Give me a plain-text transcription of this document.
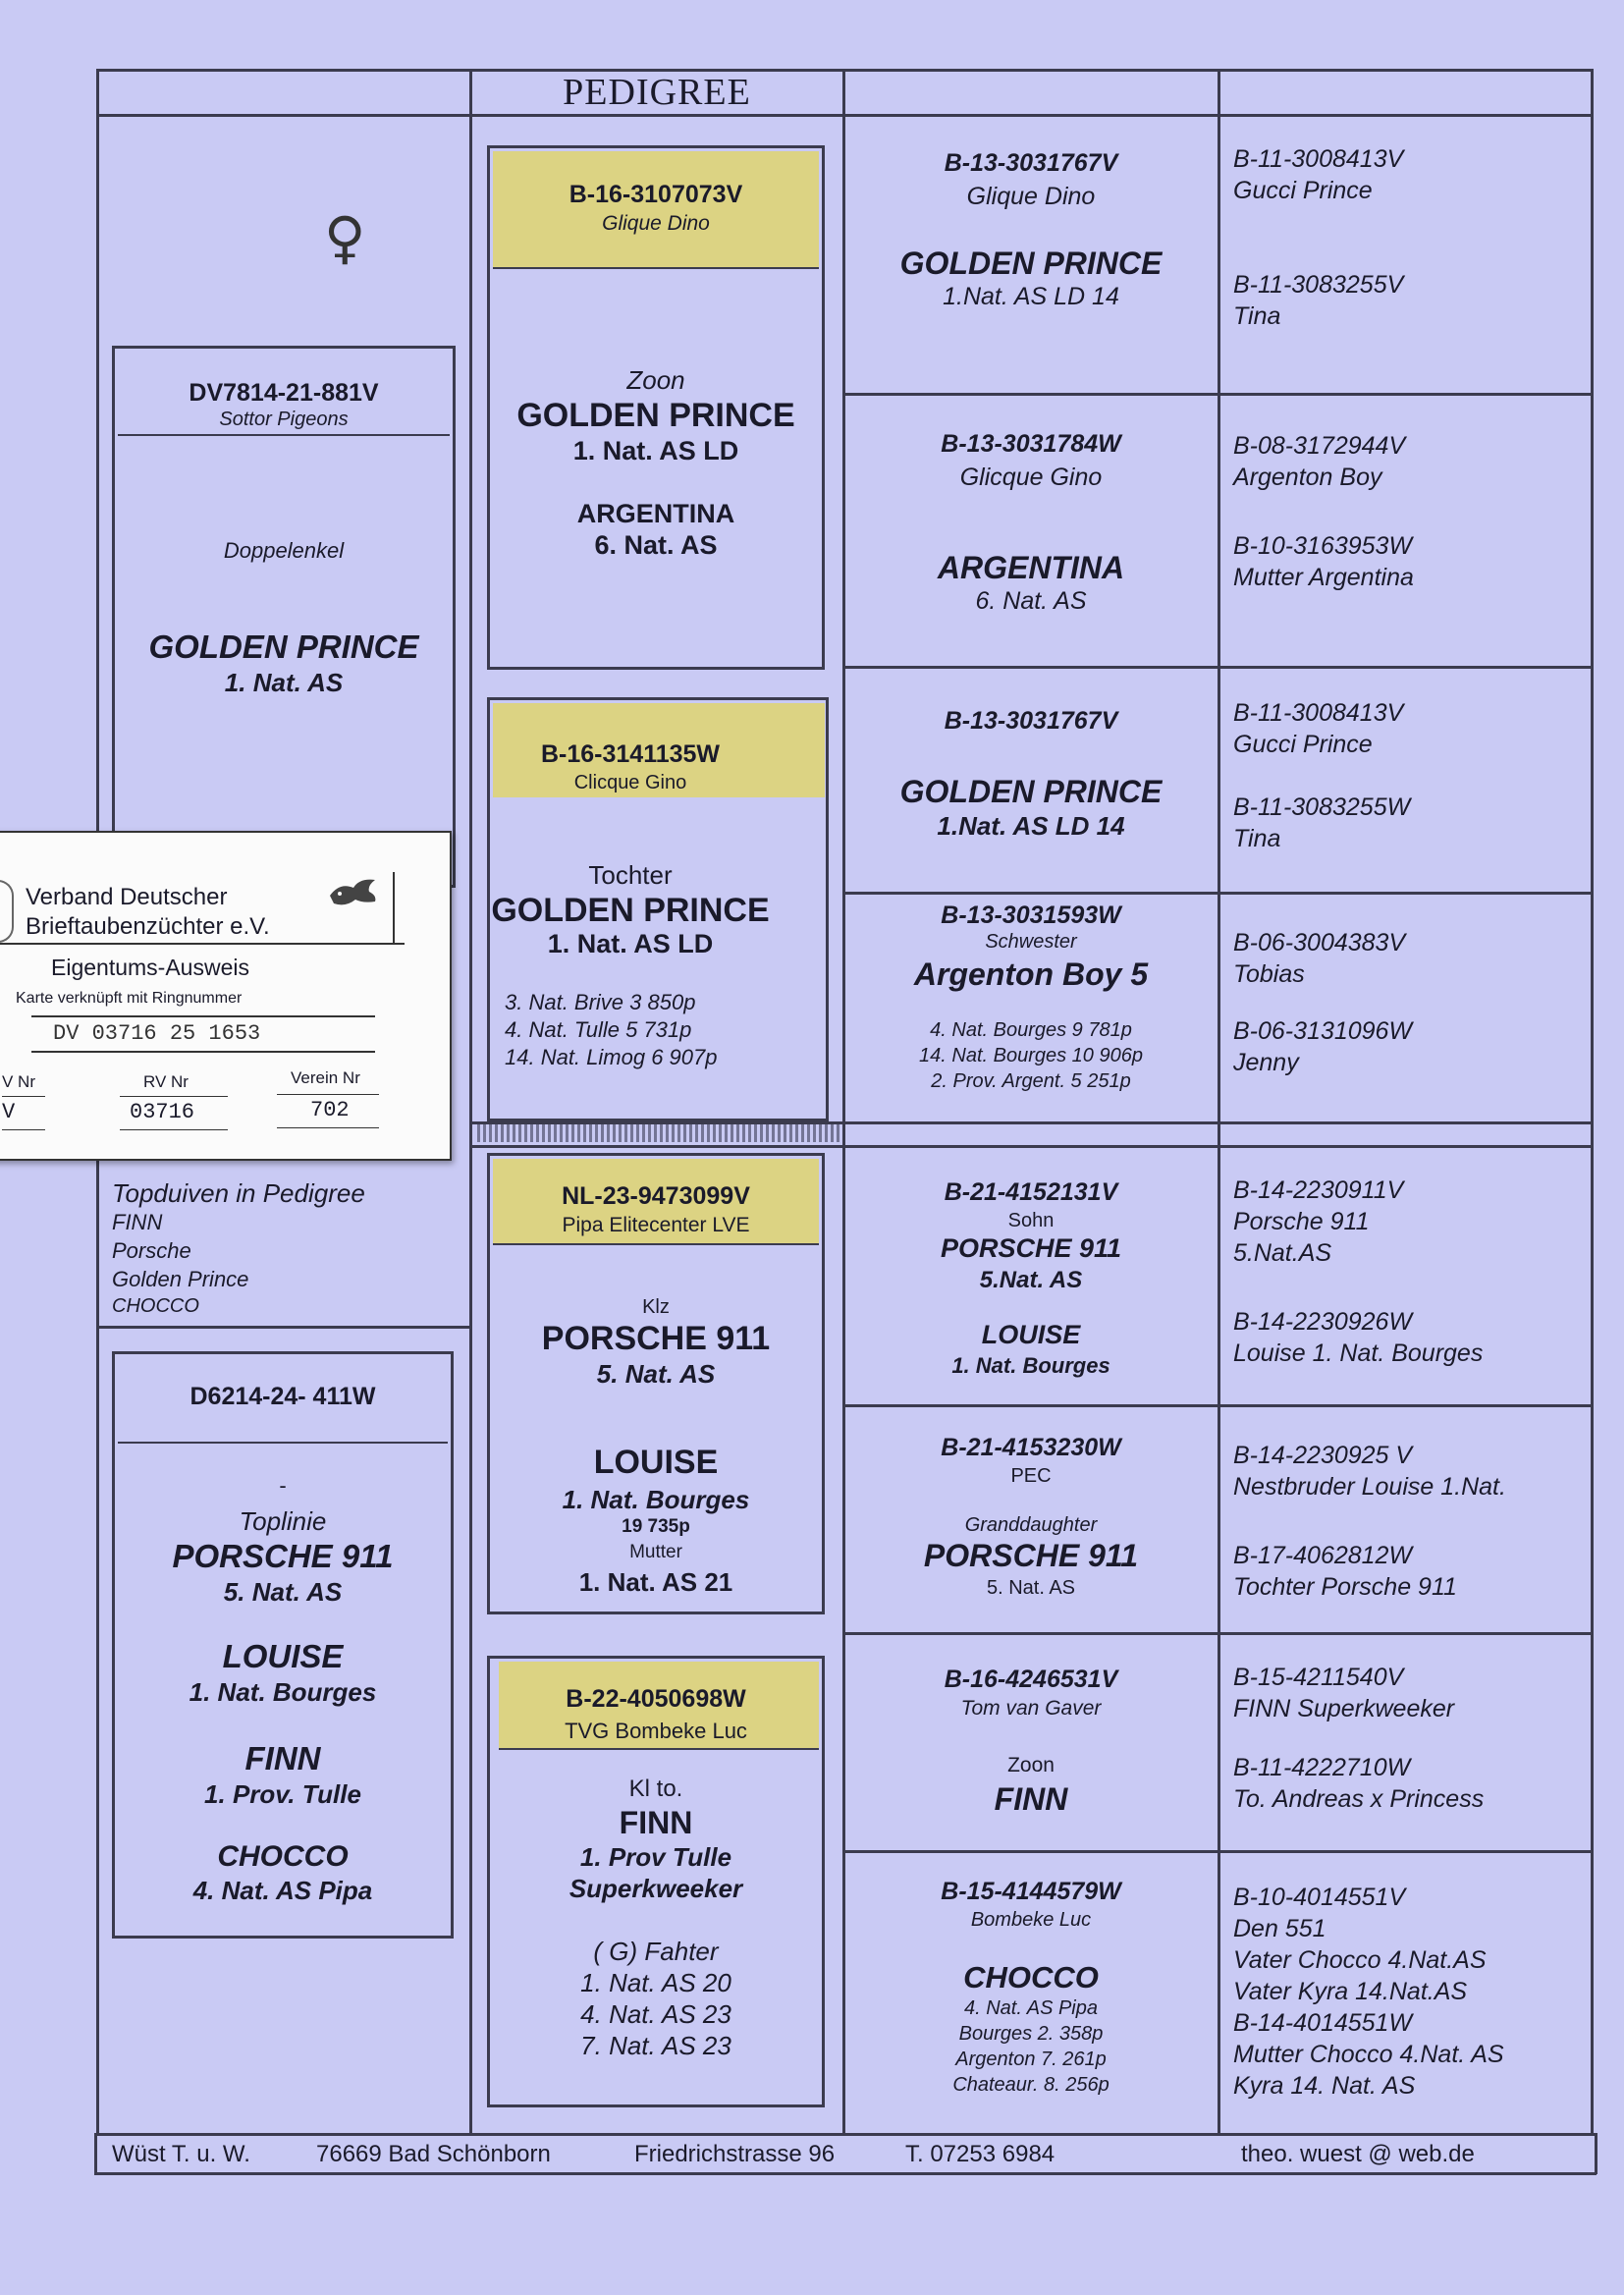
PEDIGREE
♀
DV7814-21-881V
Sottor Pigeons
Doppelenkel
GOLDEN PRINCE
1. Nat. AS
Topduiven in Pedigree
FINN
Porsche
Golden Prince
CHOCCO
D6214-24- 411W
-
Toplinie
PORSCHE 911
5. Nat. AS
LOUISE
1. Nat. Bourges
FINN
1. Prov. Tulle
CHOCCO
4. Nat. AS Pipa
B-16-3107073V
Glique Dino
Zoon
GOLDEN PRINCE
1. Nat. AS LD
ARGENTINA
6. Nat. AS
B-16-3141135W
Clicque Gino
Tochter
GOLDEN PRINCE
1. Nat. AS LD
3. Nat. Brive 3 850p
4. Nat. Tulle 5 731p
14. Nat. Limog 6 907p
NL-23-9473099V
Pipa Elitecenter LVE
Klz
PORSCHE 911
5. Nat. AS
LOUISE
1. Nat. Bourges
19 735p
Mutter
1. Nat. AS 21
B-22-4050698W
TVG Bombeke Luc
Kl to.
FINN
1. Prov Tulle
Superkweeker
( G) Fahter
1. Nat. AS 20
4. Nat. AS 23
7. Nat. AS 23
B-13-3031767V
Glique Dino
GOLDEN PRINCE
1.Nat. AS LD 14
B-13-3031784W
Glicque Gino
ARGENTINA
6. Nat. AS
B-13-3031767V
GOLDEN PRINCE
1.Nat. AS LD 14
B-13-3031593W
Schwester
Argenton Boy 5
4. Nat. Bourges 9 781p
14. Nat. Bourges 10 906p
2. Prov. Argent. 5 251p
B-21-4152131V
Sohn
PORSCHE 911
5.Nat. AS
LOUISE
1. Nat. Bourges
B-21-4153230W
PEC
Granddaughter
PORSCHE 911
5. Nat. AS
B-16-4246531V
Tom van Gaver
Zoon
FINN
B-15-4144579W
Bombeke Luc
CHOCCO
4. Nat. AS Pipa
Bourges 2. 358p
Argenton 7. 261p
Chateaur. 8. 256p
B-11-3008413V
Gucci Prince
B-11-3083255V
Tina
B-08-3172944V
Argenton Boy
B-10-3163953W
Mutter Argentina
B-11-3008413V
Gucci Prince
B-11-3083255W
Tina
B-06-3004383V
Tobias
B-06-3131096W
Jenny
B-14-2230911V
Porsche 911
5.Nat.AS
B-14-2230926W
Louise 1. Nat. Bourges
B-14-2230925 V
Nestbruder Louise 1.Nat.
B-17-4062812W
Tochter Porsche 911
B-15-4211540V
FINN Superkweeker
B-11-4222710W
To. Andreas x Princess
B-10-4014551V
Den 551
Vater Chocco 4.Nat.AS
Vater Kyra 14.Nat.AS
B-14-4014551W
Mutter Chocco 4.Nat. AS
Kyra 14. Nat. AS
Wüst T. u. W.	76669 Bad Schönborn	Friedrichstrasse 96	T. 07253 6984	theo. wuest @ web.de
Verband Deutscher
Brieftaubenzüchter e.V.
Eigentums-Ausweis
Karte verknüpft mit Ringnummer
DV 03716 25 1653
V Nr	RV Nr	Verein Nr
V	03716	702
